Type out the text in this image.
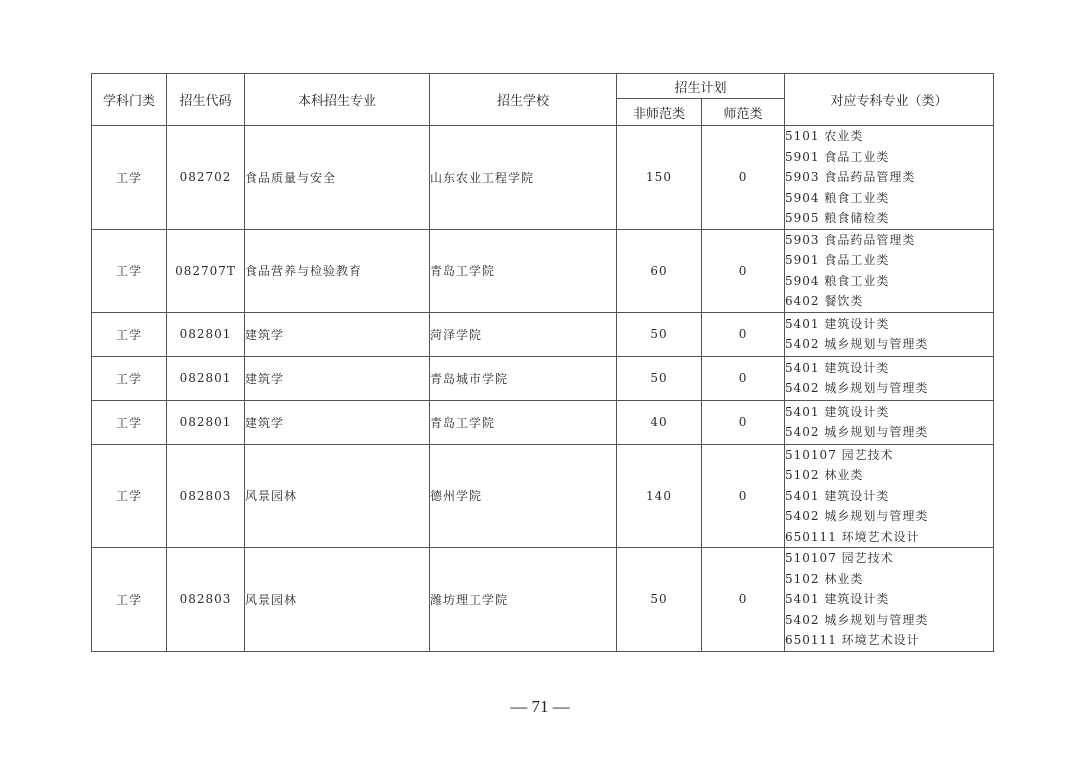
学科门类	招生代码	本科招生专业	招生学校	招生计划		对应专科专业（类）
				非师范类	师范类	
工学	082702	食品质量与安全	山东农业工程学院	150	0	5101 农业类
5901 食品工业类
5903 食品药品管理类
5904 粮食工业类
5905 粮食储检类

工学	082707T	食品营养与检验教育	青岛工学院	60	0	5903 食品药品管理类
5901 食品工业类
5904 粮食工业类
6402 餐饮类

工学	082801	建筑学	菏泽学院	50	0	5401 建筑设计类
5402 城乡规划与管理类

工学	082801	建筑学	青岛城市学院	50	0	5401 建筑设计类
5402 城乡规划与管理类

工学	082801	建筑学	青岛工学院	40	0	5401 建筑设计类
5402 城乡规划与管理类

工学	082803	风景园林	德州学院	140	0	510107 园艺技术
5102 林业类
5401 建筑设计类
5402 城乡规划与管理类
650111 环境艺术设计

工学	082803	风景园林	潍坊理工学院	50	0	510107 园艺技术
5102 林业类
5401 建筑设计类
5402 城乡规划与管理类
650111 环境艺术设计
— 71 —
